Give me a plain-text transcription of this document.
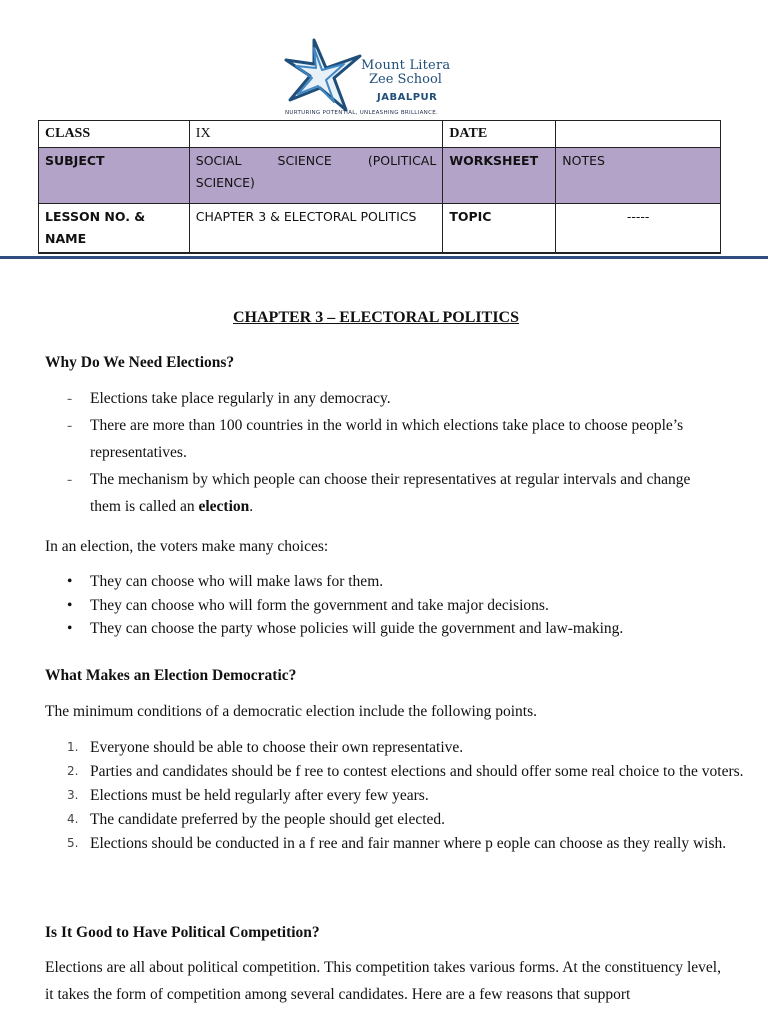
Mount Litera
Zee School
JABALPUR
NURTURING POTENTIAL, UNLEASHING BRILLIANCE.
CLASS	IX	DATE	
SUBJECT	SOCIAL SCIENCE (POLITICAL SCIENCE)	WORKSHEET	NOTES
LESSON NO. & NAME	CHAPTER 3 & ELECTORAL POLITICS	TOPIC	-----

CHAPTER 3 – ELECTORAL POLITICS
Why Do We Need Elections?
- Elections take place regularly in any democracy.
- There are more than 100 countries in the world in which elections take place to choose people’s representatives.
- The mechanism by which people can choose their representatives at regular intervals and change them is called an election.
In an election, the voters make many choices:
• They can choose who will make laws for them.
• They can choose who will form the government and take major decisions.
• They can choose the party whose policies will guide the government and law-making.
What Makes an Election Democratic?
The minimum conditions of a democratic election include the following points.
1. Everyone should be able to choose their own representative.
2. Parties and candidates should be f ree to contest elections and should offer some real choice to the voters.
3. Elections must be held regularly after every few years.
4. The candidate preferred by the people should get elected.
5. Elections should be conducted in a f ree and fair manner where p eople can choose as they really wish.
Is It Good to Have Political Competition?
Elections are all about political competition. This competition takes various forms. At the constituency level, it takes the form of competition among several candidates. Here are a few reasons that support
